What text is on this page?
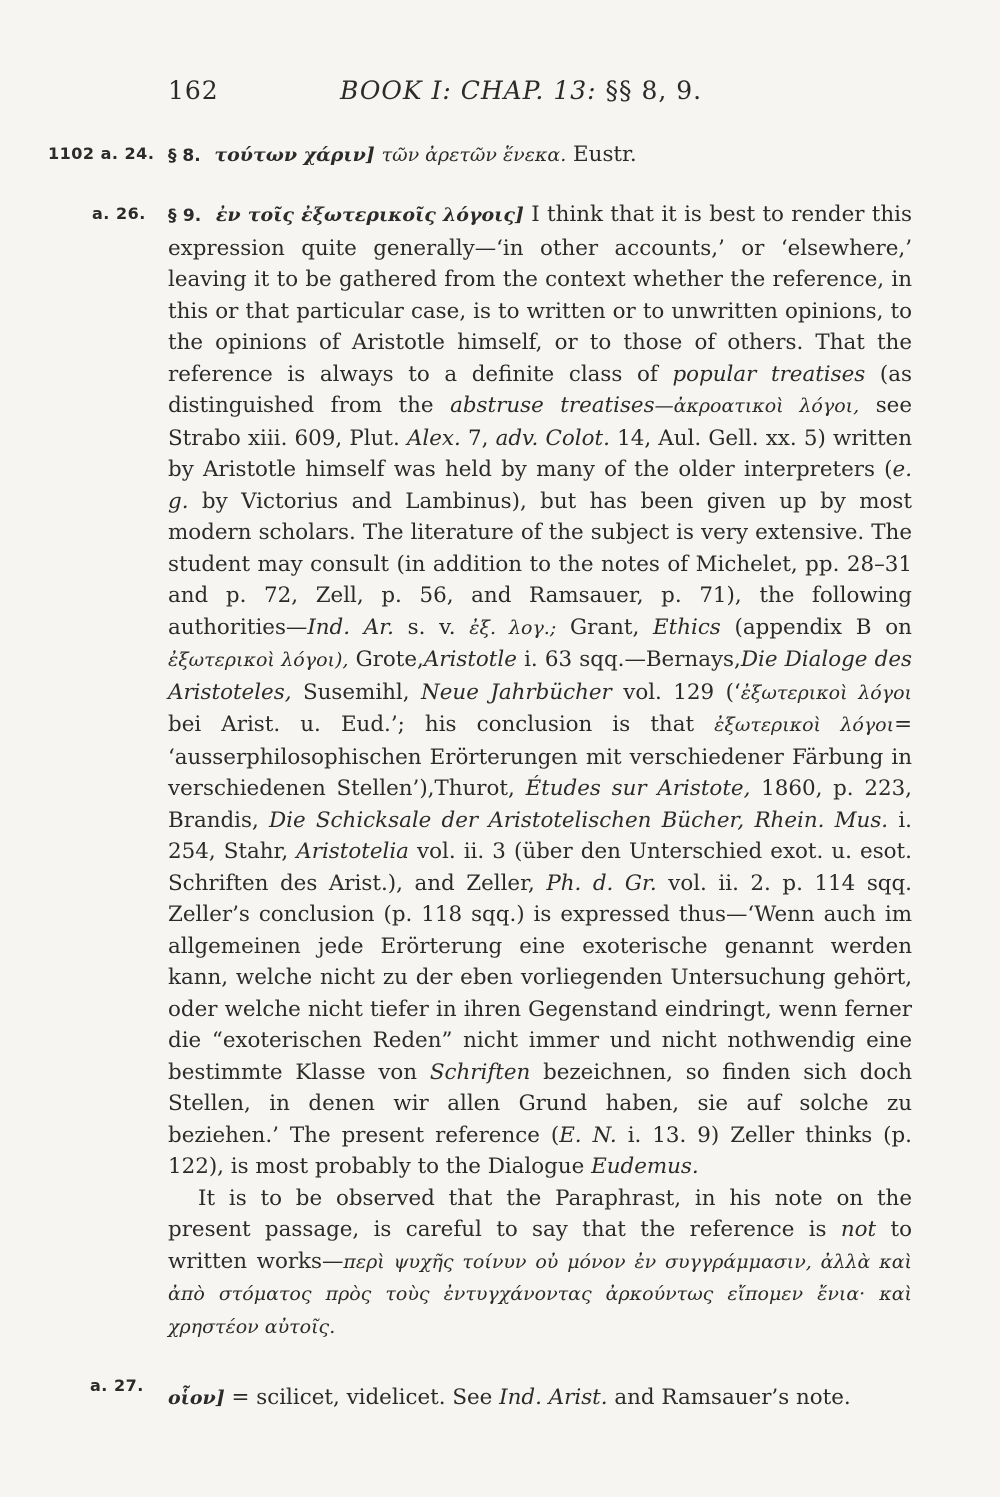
162	BOOK I: CHAP. 13: §§ 8, 9.
1102 a. 24. § 8. τούτων χάριν] τῶν ἀρετῶν ἕνεκα. Eustr.

a. 26. § 9. ἐν τοῖς ἐξωτερικοῖς λόγοις] I think that it is best to render this expression quite generally—‘in other accounts,’ or ‘elsewhere,’ leaving it to be gathered from the context whether the reference, in this or that particular case, is to written or to unwritten opinions, to the opinions of Aristotle himself, or to those of others. That the reference is always to a definite class of popular treatises (as distinguished from the abstruse treatises—ἀκροατικοὶ λόγοι, see Strabo xiii. 609, Plut. Alex. 7, adv. Colot. 14, Aul. Gell. xx. 5) written by Aristotle himself was held by many of the older interpreters (e. g. by Victorius and Lambinus), but has been given up by most modern scholars. The literature of the subject is very extensive. The student may consult (in addition to the notes of Michelet, pp. 28–31 and p. 72, Zell, p. 56, and Ramsauer, p. 71), the following authorities—Ind. Ar. s. v. ἐξ. λογ.; Grant, Ethics (appendix B on ἐξωτερικοὶ λόγοι), Grote,Aristotle i. 63 sqq.—Bernays,Die Dialoge des Aristoteles, Susemihl, Neue Jahrbücher vol. 129 (‘ἐξωτερικοὶ λόγοι bei Arist. u. Eud.’; his conclusion is that ἐξωτερικοὶ λόγοι= ‘ausserphilosophischen Erörterungen mit verschiedener Färbung in verschiedenen Stellen’),Thurot, Études sur Aristote, 1860, p. 223, Brandis, Die Schicksale der Aristotelischen Bücher, Rhein. Mus. i. 254, Stahr, Aristotelia vol. ii. 3 (über den Unterschied exot. u. esot. Schriften des Arist.), and Zeller, Ph. d. Gr. vol. ii. 2. p. 114 sqq. Zeller’s conclusion (p. 118 sqq.) is expressed thus—‘Wenn auch im allgemeinen jede Erörterung eine exoterische genannt werden kann, welche nicht zu der eben vorliegenden Untersuchung gehört, oder welche nicht tiefer in ihren Gegenstand eindringt, wenn ferner die “exoterischen Reden” nicht immer und nicht nothwendig eine bestimmte Klasse von Schriften bezeichnen, so finden sich doch Stellen, in denen wir allen Grund haben, sie auf solche zu beziehen.’ The present reference (E. N. i. 13. 9) Zeller thinks (p. 122), is most probably to the Dialogue Eudemus.

It is to be observed that the Paraphrast, in his note on the present passage, is careful to say that the reference is not to written works—περὶ ψυχῆς τοίνυν οὐ μόνον ἐν συγγράμμασιν, ἀλλὰ καὶ ἀπὸ στόματος πρὸς τοὺς ἐντυγχάνοντας ἀρκούντως εἴπομεν ἔνια· καὶ χρηστέον αὐτοῖς.

a. 27.

οἷον] = scilicet, videlicet. See Ind. Arist. and Ramsauer’s note.
